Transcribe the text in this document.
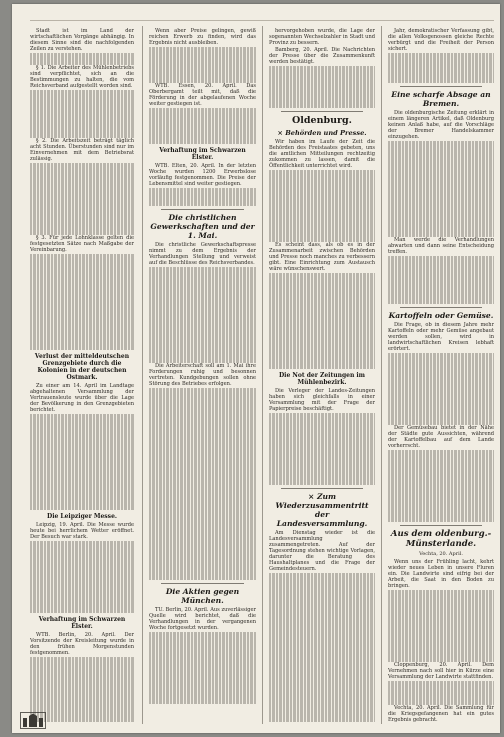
Stadt ist im Land der wirtschaftlichen Vorgänge abhängig. In diesem Sinne sind die nachfolgenden Zeilen zu verstehen.

§ 1. Die Arbeiter des Mühlenbetriebs sind verpflichtet, sich an die Bestimmungen zu halten, die vom Reichsverband aufgestellt worden sind.

§ 2. Die Arbeitszeit beträgt täglich acht Stunden. Überstunden sind nur im Einvernehmen mit dem Betriebsrat zulässig.

§ 3. Für jede Lohnklasse gelten die festgesetzten Sätze nach Maßgabe der Vereinbarung.

Verlust der mitteldeutschen Grenzgebiete durch die Kolonien in der deutschen Ostmark.

Zu einer am 14. April im Landtage abgehaltenen Versammlung der Vertrauensleute wurde über die Lage der Bevölkerung in den Grenzgebieten berichtet.

Die Leipziger Messe.

Leipzig, 19. April. Die Messe wurde heute bei herrlichem Wetter eröffnet. Der Besuch war stark.

Verhaftung im Schwarzen Elster.

WTB. Berlin, 20. April. Der Vorsitzende der Kreisleitung wurde in den frühen Morgenstunden festgenommen.

Wenn aber Preise gelingen, gewiß reichen Erwerb zu finden, wird das Ergebnis nicht ausbleiben.

WTB. Essen, 20. April. Das Oberbergamt teilt mit, daß die Förderung in der abgelaufenen Woche weiter gestiegen ist.

Verhaftung im Schwarzen Elster.

WTB. Elten, 20. April. In der letzten Woche wurden 1200 Erwerbslose vorläufig festgenommen. Die Preise der Lebensmittel sind weiter gestiegen.

Die christlichen Gewerkschaften und der 1. Mai.

Die christliche Gewerkschaftspresse nimmt zu dem Ergebnis der Verhandlungen Stellung und verweist auf die Beschlüsse des Reichsverbandes.

Die Arbeiterschaft soll am 1. Mai ihre Forderungen ruhig und besonnen vertreten. Kundgebungen sollen ohne Störung des Betriebes erfolgen.

Die Aktien gegen München.

TU. Berlin, 20. April. Aus zuverlässiger Quelle wird berichtet, daß die Verhandlungen in der vergangenen Woche fortgesetzt wurden.

hervorgehoben wurde, die Lage der sogenannten Wechselzahler in Stadt und Provinz zu bessern.

Bamberg, 20. April. Die Nachrichten der Presse über die Zusammenkunft werden bestätigt.

Oldenburg.
× Behörden und Presse.

Wir haben im Laufe der Zeit die Behörden des Freistaates gebeten, uns die amtlichen Mitteilungen rechtzeitig zukommen zu lassen, damit die Öffentlichkeit unterrichtet wird.

Es scheint dass, als ob es in der Zusammenarbeit zwischen Behörden und Presse noch manches zu verbessern gibt. Eine Einrichtung zum Austausch wäre wünschenswert.

Die Not der Zeitungen im Mühlenbezirk.

Die Verleger der Landes-Zeitungen haben sich gleichfalls in einer Versammlung mit der Frage der Papierpreise beschäftigt.

× Zum Wiederzusammentritt der Landesversammlung.

Am Dienstag wieder ist die Landesversammlung zusammengetreten. Auf der Tagesordnung stehen wichtige Vorlagen, darunter die Beratung des Haushaltplanes und die Frage der Gemeindesteuern.

Jahr, demokratischer Verfassung gibt, die allen Volksgenossen gleiche Rechte verbürgt und die Freiheit der Person sichert.

Eine scharfe Absage an Bremen.

Die oldenburgische Zeitung erklärt in einem längeren Artikel, daß Oldenburg keinen Anlaß habe, auf die Vorschläge der Bremer Handelskammer einzugehen.

Man werde die Verhandlungen abwarten und dann seine Entscheidung treffen.

Kartoffeln oder Gemüse.

Die Frage, ob in diesem Jahre mehr Kartoffeln oder mehr Gemüse angebaut werden sollen, wird in landwirtschaftlichen Kreisen lebhaft erörtert.

Der Gemüsebau bietet in der Nähe der Städte gute Aussichten, während der Kartoffelbau auf dem Lande vorherrscht.

Aus dem oldenburg.-Münsterlande.
Vechta, 20. April.

Wenn uns der Frühling lacht, kehrt wieder neues Leben in unsere Fluren ein. Die Landwirte sind eifrig bei der Arbeit, die Saat in den Boden zu bringen.

Cloppenburg, 20. April. Dem Vernehmen nach soll hier in Kürze eine Versammlung der Landwirte stattfinden.

Vechta, 20. April. Die Sammlung für die Kriegsgefangenen hat ein gutes Ergebnis gebracht.
